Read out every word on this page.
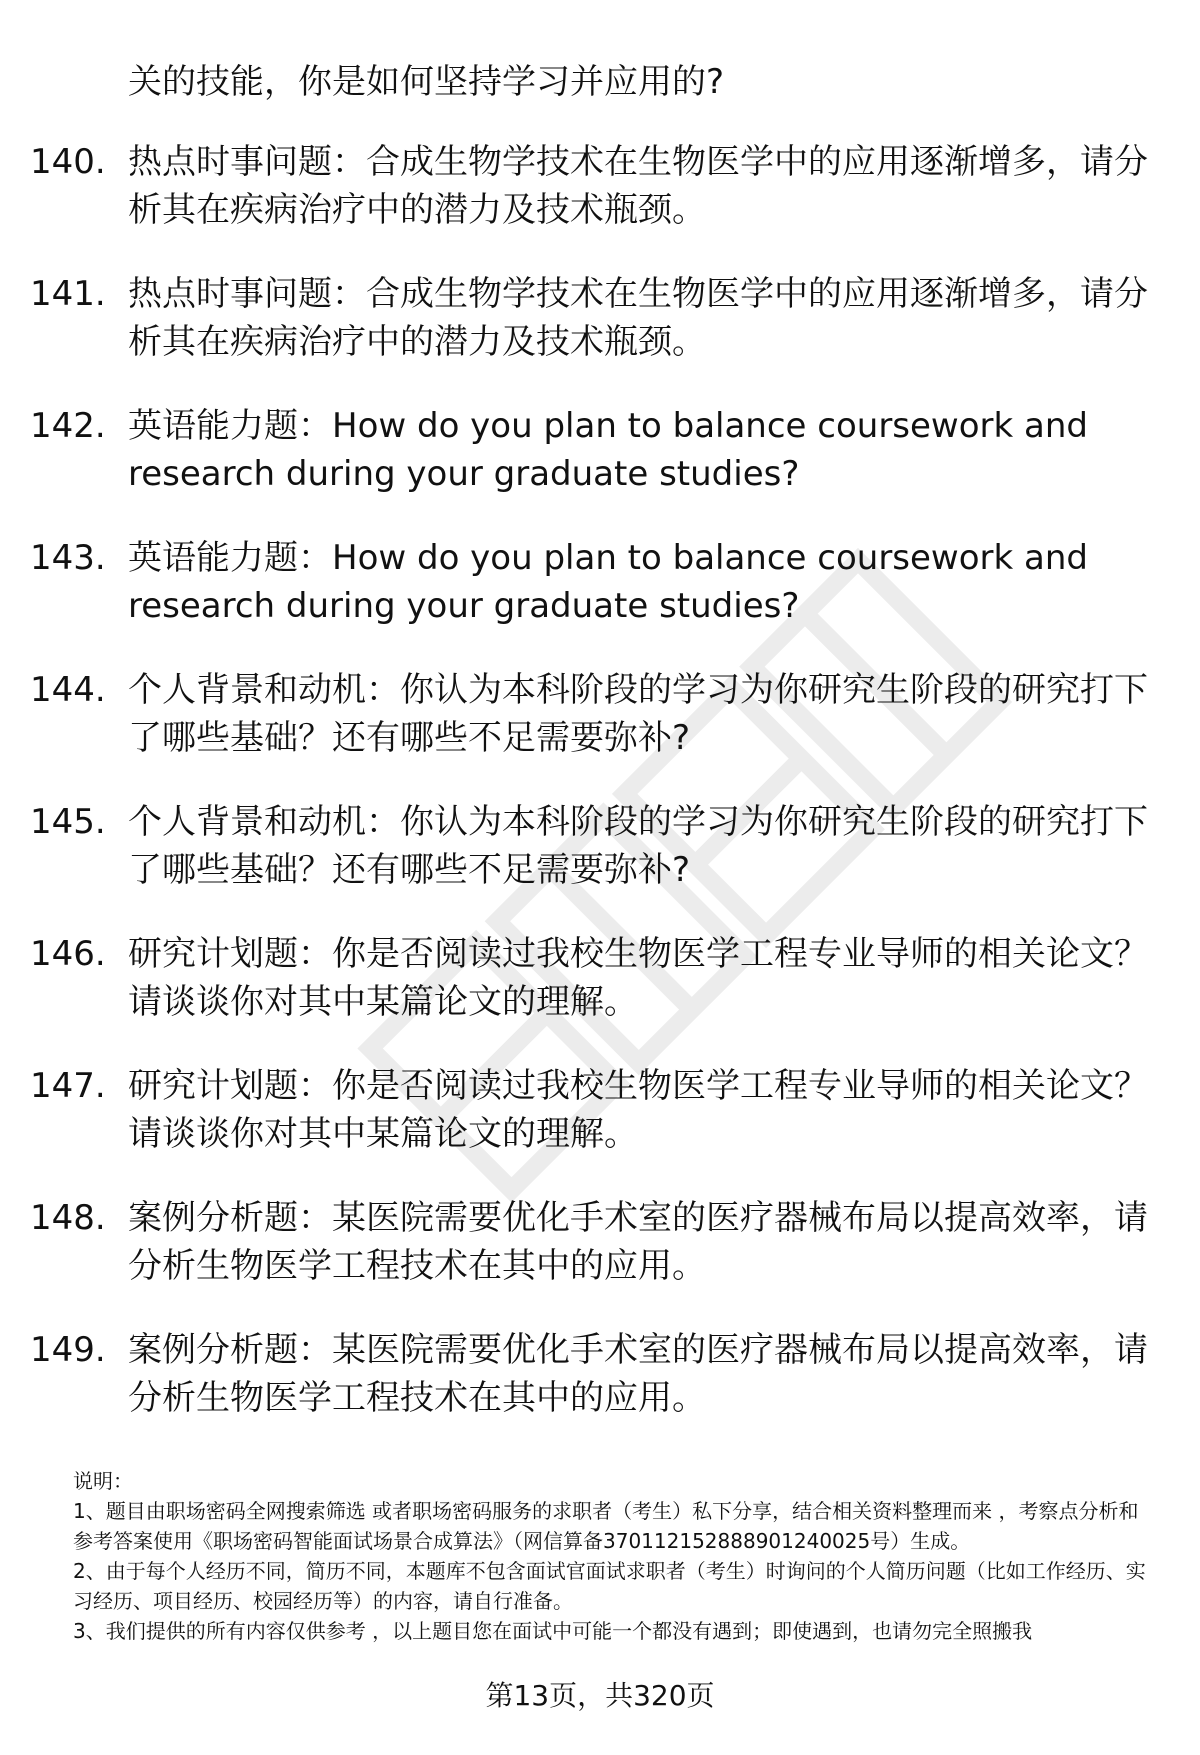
关的技能，你是如何坚持学习并应用的?

140. 热点时事问题：合成生物学技术在生物医学中的应用逐渐增多，请分析其在疾病治疗中的潜力及技术瓶颈。

141. 热点时事问题：合成生物学技术在生物医学中的应用逐渐增多，请分析其在疾病治疗中的潜力及技术瓶颈。

142. 英语能力题：How do you plan to balance coursework and research during your graduate studies?

143. 英语能力题：How do you plan to balance coursework and research during your graduate studies?

144. 个人背景和动机：你认为本科阶段的学习为你研究生阶段的研究打下了哪些基础？还有哪些不足需要弥补?

145. 个人背景和动机：你认为本科阶段的学习为你研究生阶段的研究打下了哪些基础？还有哪些不足需要弥补?

146. 研究计划题：你是否阅读过我校生物医学工程专业导师的相关论文？请谈谈你对其中某篇论文的理解。

147. 研究计划题：你是否阅读过我校生物医学工程专业导师的相关论文？请谈谈你对其中某篇论文的理解。

148. 案例分析题：某医院需要优化手术室的医疗器械布局以提高效率，请分析生物医学工程技术在其中的应用。

149. 案例分析题：某医院需要优化手术室的医疗器械布局以提高效率，请分析生物医学工程技术在其中的应用。

说明：

1、题目由职场密码全网搜索筛选 或者职场密码服务的求职者（考生）私下分享，结合相关资料整理而来 ，考察点分析和参考答案使用《职场密码智能面试场景合成算法》（网信算备370112152888901240025号）生成。

2、由于每个人经历不同，简历不同，本题库不包含面试官面试求职者（考生）时询问的个人简历问题（比如工作经历、实习经历、项目经历、校园经历等）的内容，请自行准备。

3、我们提供的所有内容仅供参考 ，以上题目您在面试中可能一个都没有遇到；即使遇到，也请勿完全照搬我

第13页，共320页
